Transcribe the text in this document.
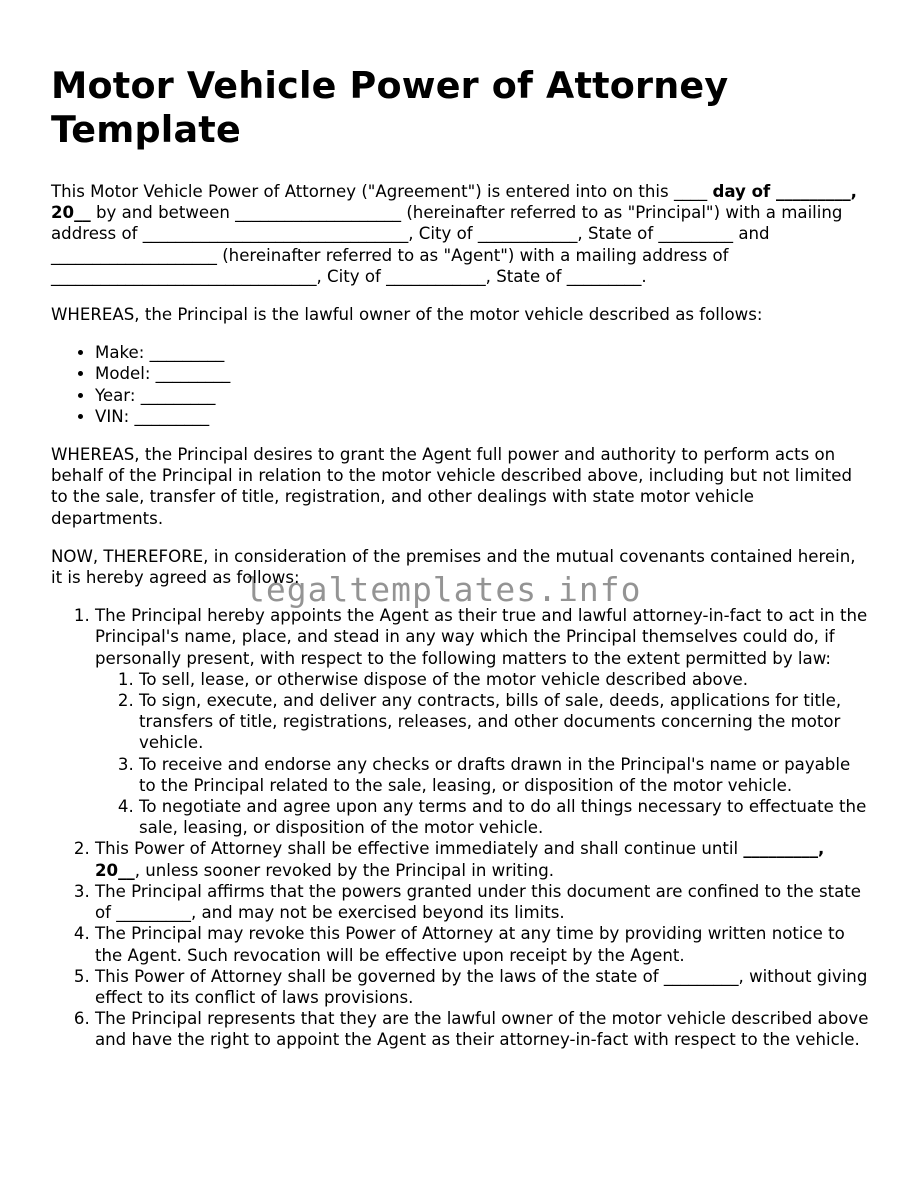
Motor Vehicle Power of Attorney Template

This Motor Vehicle Power of Attorney ("Agreement") is entered into on this ____ day of _________, 20__ by and between ____________________ (hereinafter referred to as "Principal") with a mailing address of ________________________________, City of ____________, State of _________ and ____________________ (hereinafter referred to as "Agent") with a mailing address of ________________________________, City of ____________, State of _________.

WHEREAS, the Principal is the lawful owner of the motor vehicle described as follows:

• Make: _________
• Model: _________
• Year: _________
• VIN: _________

WHEREAS, the Principal desires to grant the Agent full power and authority to perform acts on behalf of the Principal in relation to the motor vehicle described above, including but not limited to the sale, transfer of title, registration, and other dealings with state motor vehicle departments.

NOW, THEREFORE, in consideration of the premises and the mutual covenants contained herein, it is hereby agreed as follows:

1. The Principal hereby appoints the Agent as their true and lawful attorney-in-fact to act in the Principal's name, place, and stead in any way which the Principal themselves could do, if personally present, with respect to the following matters to the extent permitted by law:
1. To sell, lease, or otherwise dispose of the motor vehicle described above.
2. To sign, execute, and deliver any contracts, bills of sale, deeds, applications for title, transfers of title, registrations, releases, and other documents concerning the motor vehicle.
3. To receive and endorse any checks or drafts drawn in the Principal's name or payable to the Principal related to the sale, leasing, or disposition of the motor vehicle.
4. To negotiate and agree upon any terms and to do all things necessary to effectuate the sale, leasing, or disposition of the motor vehicle.
2. This Power of Attorney shall be effective immediately and shall continue until _________, 20__, unless sooner revoked by the Principal in writing.
3. The Principal affirms that the powers granted under this document are confined to the state of _________, and may not be exercised beyond its limits.
4. The Principal may revoke this Power of Attorney at any time by providing written notice to the Agent. Such revocation will be effective upon receipt by the Agent.
5. This Power of Attorney shall be governed by the laws of the state of _________, without giving effect to its conflict of laws provisions.
6. The Principal represents that they are the lawful owner of the motor vehicle described above and have the right to appoint the Agent as their attorney-in-fact with respect to the vehicle.
legaltemplates.info
